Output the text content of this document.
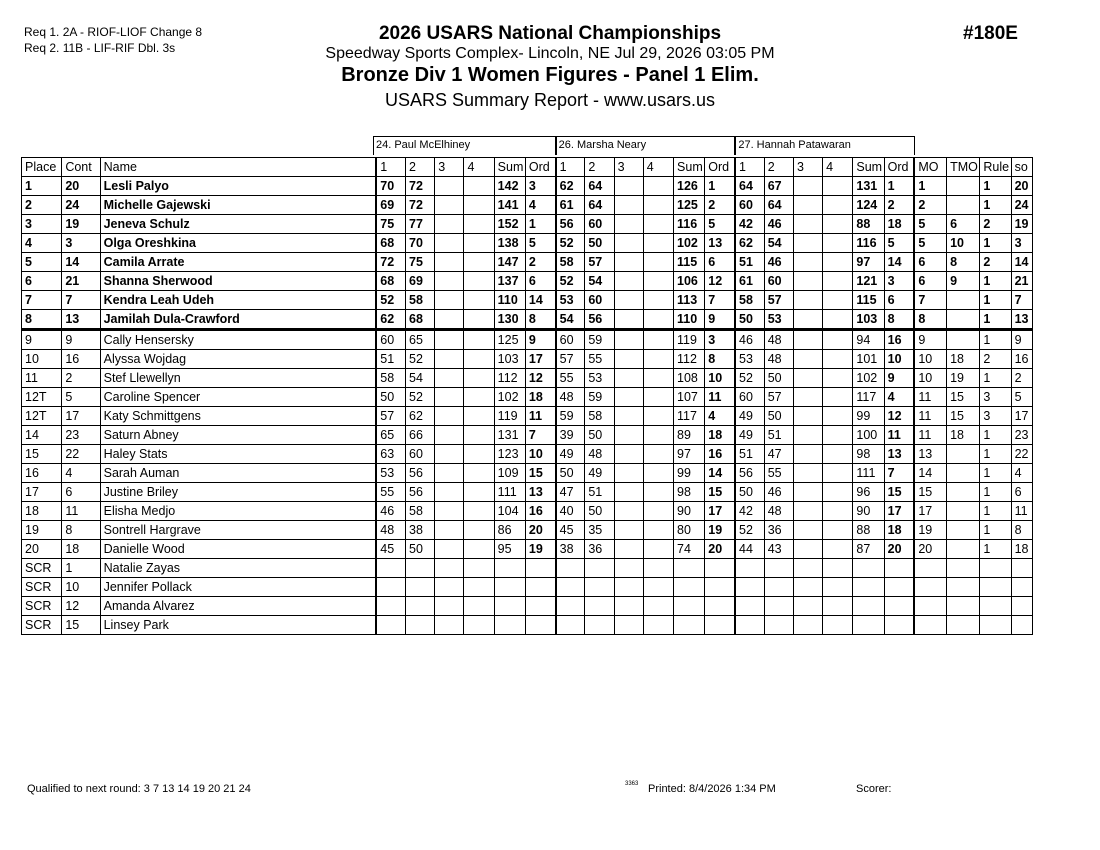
Req 1. 2A - RIOF-LIOF Change 8
Req 2. 11B - LIF-RIF Dbl. 3s
2026 USARS National Championships
Speedway Sports Complex- Lincoln, NE Jul 29, 2026 03:05 PM
Bronze Div 1 Women Figures - Panel 1 Elim.
USARS Summary Report - www.usars.us
#180E
24. Paul McElhiney	26. Marsha Neary	27. Hannah Patawaran
Place	Cont	Name	1	2	3	4	Sum	Ord	1	2	3	4	Sum	Ord	1	2	3	4	Sum	Ord	MO	TMO	Rule	so
1	20	Lesli Palyo	70	72			142	3	62	64			126	1	64	67			131	1	1		1	20
2	24	Michelle Gajewski	69	72			141	4	61	64			125	2	60	64			124	2	2		1	24
3	19	Jeneva Schulz	75	77			152	1	56	60			116	5	42	46			88	18	5	6	2	19
4	3	Olga Oreshkina	68	70			138	5	52	50			102	13	62	54			116	5	5	10	1	3
5	14	Camila Arrate	72	75			147	2	58	57			115	6	51	46			97	14	6	8	2	14
6	21	Shanna Sherwood	68	69			137	6	52	54			106	12	61	60			121	3	6	9	1	21
7	7	Kendra Leah Udeh	52	58			110	14	53	60			113	7	58	57			115	6	7		1	7
8	13	Jamilah Dula-Crawford	62	68			130	8	54	56			110	9	50	53			103	8	8		1	13
9	9	Cally Hensersky	60	65			125	9	60	59			119	3	46	48			94	16	9		1	9
10	16	Alyssa Wojdag	51	52			103	17	57	55			112	8	53	48			101	10	10	18	2	16
11	2	Stef Llewellyn	58	54			112	12	55	53			108	10	52	50			102	9	10	19	1	2
12T	5	Caroline Spencer	50	52			102	18	48	59			107	11	60	57			117	4	11	15	3	5
12T	17	Katy Schmittgens	57	62			119	11	59	58			117	4	49	50			99	12	11	15	3	17
14	23	Saturn Abney	65	66			131	7	39	50			89	18	49	51			100	11	11	18	1	23
15	22	Haley Stats	63	60			123	10	49	48			97	16	51	47			98	13	13		1	22
16	4	Sarah Auman	53	56			109	15	50	49			99	14	56	55			111	7	14		1	4
17	6	Justine Briley	55	56			111	13	47	51			98	15	50	46			96	15	15		1	6
18	11	Elisha Medjo	46	58			104	16	40	50			90	17	42	48			90	17	17		1	11
19	8	Sontrell Hargrave	48	38			86	20	45	35			80	19	52	36			88	18	19		1	8
20	18	Danielle Wood	45	50			95	19	38	36			74	20	44	43			87	20	20		1	18
SCR	1	Natalie Zayas																						
SCR	10	Jennifer Pollack																						
SCR	12	Amanda Alvarez																						
SCR	15	Linsey Park																						
Qualified to next round: 3 7 13 14 19 20 21 24	3363 Printed: 8/4/2026 1:34 PM	Scorer:
